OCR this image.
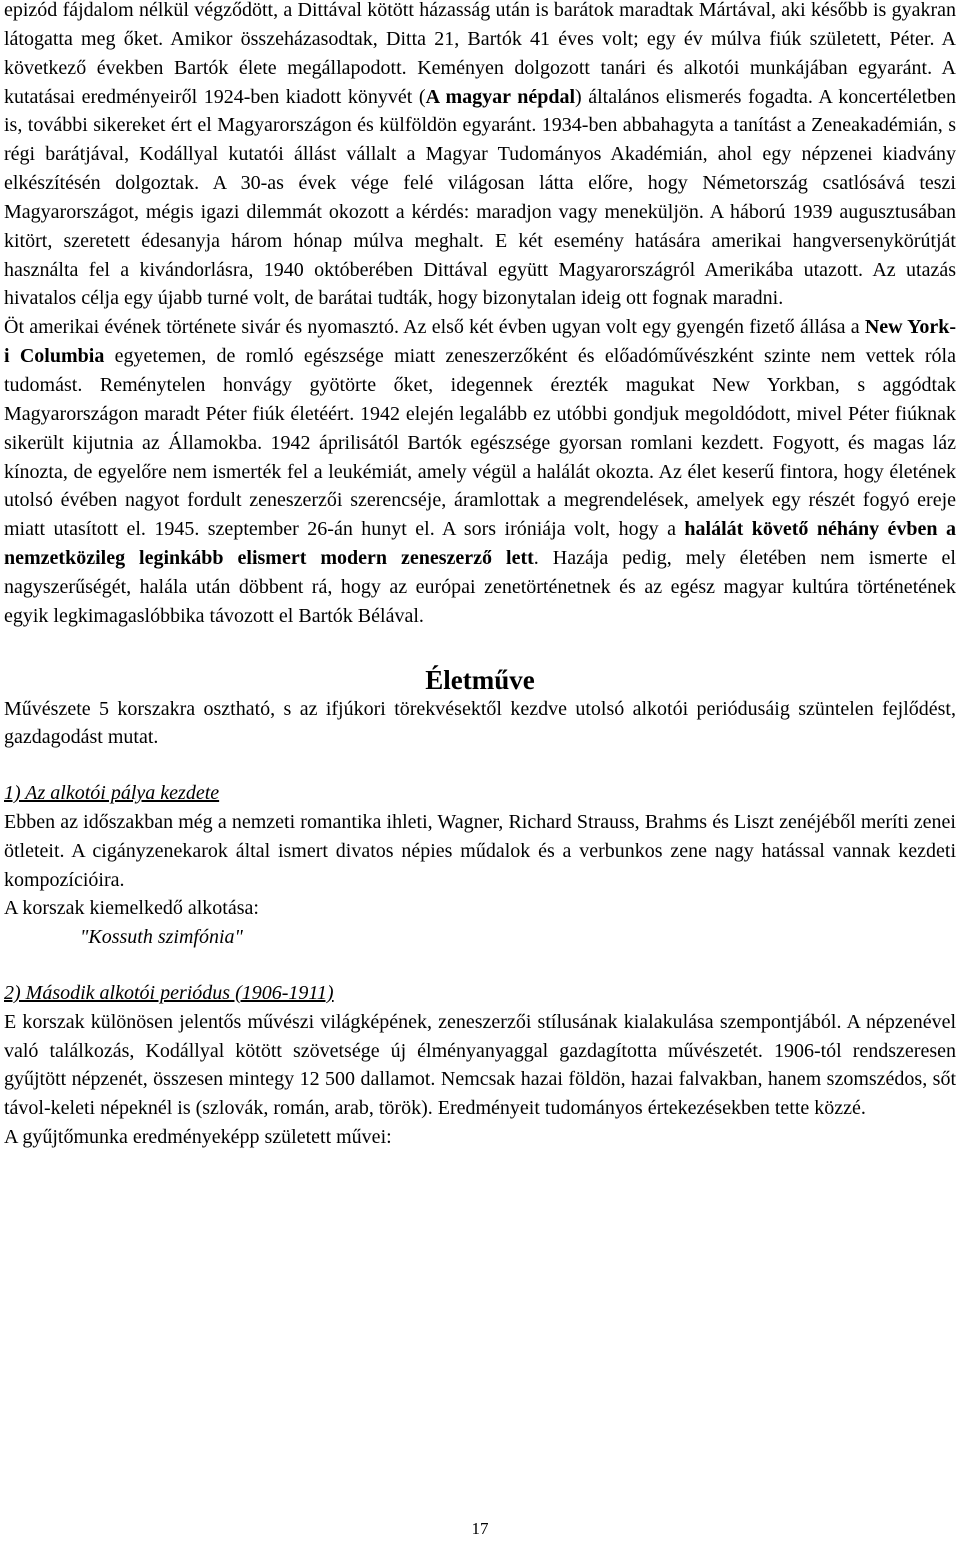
epizód fájdalom nélkül végződött, a Dittával kötött házasság után is barátok maradtak Mártával, aki később is gyakran látogatta meg őket. Amikor összeházasodtak, Ditta 21, Bartók 41 éves volt; egy év múlva fiúk született, Péter. A következő években Bartók élete megállapodott. Keményen dolgozott tanári és alkotói munkájában egyaránt. A kutatásai eredményeiről 1924-ben kiadott könyvét (A magyar népdal) általános elismerés fogadta. A koncertéletben is, további sikereket ért el Magyarországon és külföldön egyaránt. 1934-ben abbahagyta a tanítást a Zeneakadémián, s régi barátjával, Kodállyal kutatói állást vállalt a Magyar Tudományos Akadémián, ahol egy népzenei kiadvány elkészítésén dolgoztak. A 30-as évek vége felé világosan látta előre, hogy Németország csatlósává teszi Magyarországot, mégis igazi dilemmát okozott a kérdés: maradjon vagy meneküljön. A háború 1939 augusztusában kitört, szeretett édesanyja három hónap múlva meghalt. E két esemény hatására amerikai hangversenykörútját használta fel a kivándorlásra, 1940 októberében Dittával együtt Magyarországról Amerikába utazott. Az utazás hivatalos célja egy újabb turné volt, de barátai tudták, hogy bizonytalan ideig ott fognak maradni.

Öt amerikai évének története sivár és nyomasztó. Az első két évben ugyan volt egy gyengén fizető állása a New York-i Columbia egyetemen, de romló egészsége miatt zeneszerzőként és előadóművészként szinte nem vettek róla tudomást. Reménytelen honvágy gyötörte őket, idegennek érezték magukat New Yorkban, s aggódtak Magyarországon maradt Péter fiúk életéért. 1942 elején legalább ez utóbbi gondjuk megoldódott, mivel Péter fiúknak sikerült kijutnia az Államokba. 1942 áprilisától Bartók egészsége gyorsan romlani kezdett. Fogyott, és magas láz kínozta, de egyelőre nem ismerték fel a leukémiát, amely végül a halálát okozta. Az élet keserű fintora, hogy életének utolsó évében nagyot fordult zeneszerzői szerencséje, áramlottak a megrendelések, amelyek egy részét fogyó ereje miatt utasított el. 1945. szeptember 26-án hunyt el. A sors iróniája volt, hogy a halálát követő néhány évben a nemzetközileg leginkább elismert modern zeneszerző lett. Hazája pedig, mely életében nem ismerte el nagyszerűségét, halála után döbbent rá, hogy az európai zenetörténetnek és az egész magyar kultúra történetének egyik legkimagaslóbbika távozott el Bartók Bélával.

Életműve

Művészete 5 korszakra osztható, s az ifjúkori törekvésektől kezdve utolsó alkotói periódusáig szüntelen fejlődést, gazdagodást mutat.

1) Az alkotói pálya kezdete

Ebben az időszakban még a nemzeti romantika ihleti, Wagner, Richard Strauss, Brahms és Liszt zenéjéből meríti zenei ötleteit. A cigányzenekarok által ismert divatos népies műdalok és a verbunkos zene nagy hatással vannak kezdeti kompozícióira.

A korszak kiemelkedő alkotása:
"Kossuth szimfónia"
2) Második alkotói periódus (1906-1911)

E korszak különösen jelentős művészi világképének, zeneszerzői stílusának kialakulása szempontjából. A népzenével való találkozás, Kodállyal kötött szövetsége új élményanyaggal gazdagította művészetét. 1906-tól rendszeresen gyűjtött népzenét, összesen mintegy 12 500 dallamot. Nemcsak hazai földön, hazai falvakban, hanem szomszédos, sőt távol-keleti népeknél is (szlovák, román, arab, török). Eredményeit tudományos értekezésekben tette közzé.

A gyűjtőmunka eredményeképp született művei:
17
